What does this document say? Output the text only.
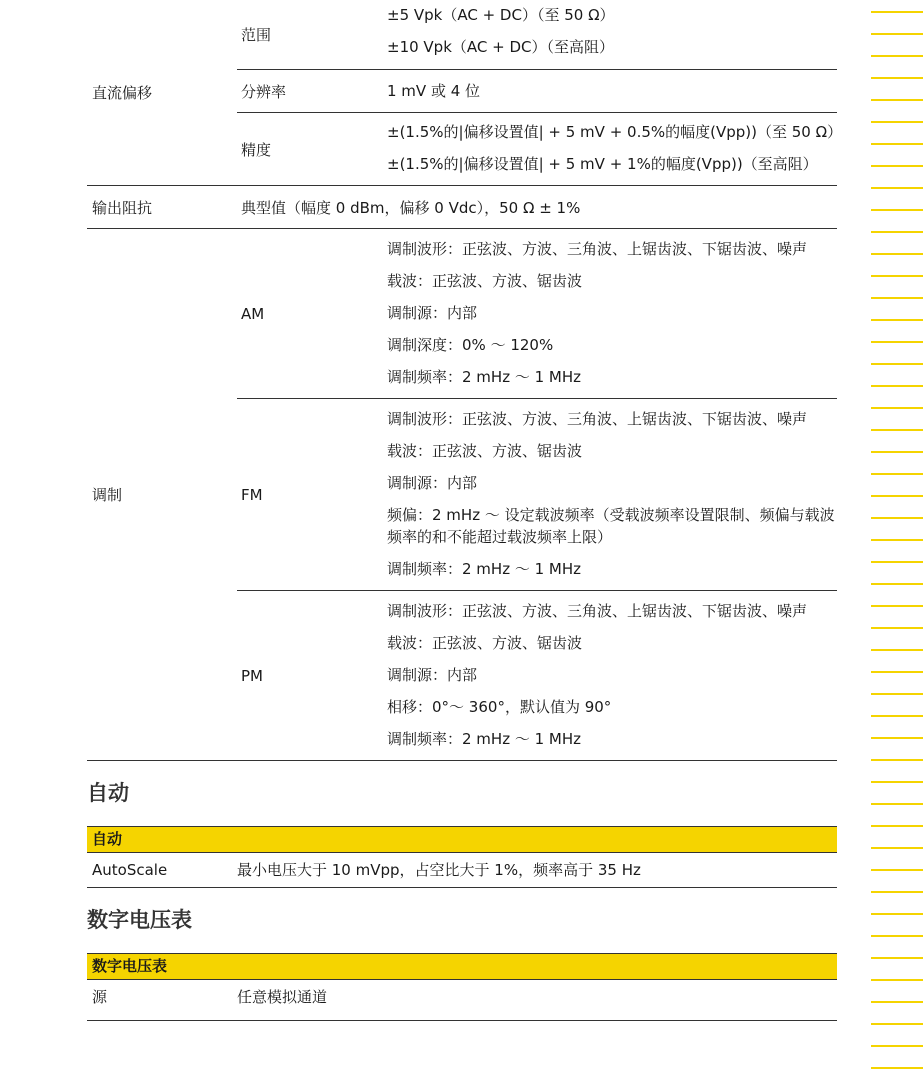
直流偏移	范围	±5 Vpk（AC + DC）（至 50 Ω）
±10 Vpk（AC + DC）（至高阻）

	分辨率	1 mV 或 4 位

	精度	±(1.5%的|偏移设置值| + 5 mV + 0.5%的幅度(Vpp))（至 50 Ω）
±(1.5%的|偏移设置值| + 5 mV + 1%的幅度(Vpp))（至高阻）

输出阻抗	典型值（幅度 0 dBm，偏移 0 Vdc），50 Ω ± 1%	
调制	AM	调制波形：正弦波、方波、三角波、上锯齿波、下锯齿波、噪声
载波：正弦波、方波、锯齿波
调制源：内部
调制深度：0% ～ 120%
调制频率：2 mHz ～ 1 MHz

	FM	调制波形：正弦波、方波、三角波、上锯齿波、下锯齿波、噪声
载波：正弦波、方波、锯齿波
调制源：内部
频偏：2 mHz ～ 设定载波频率（受载波频率设置限制、频偏与载波频率的和不能超过载波频率上限）
调制频率：2 mHz ～ 1 MHz

	PM	调制波形：正弦波、方波、三角波、上锯齿波、下锯齿波、噪声
载波：正弦波、方波、锯齿波
调制源：内部
相移：0°～ 360°，默认值为 90°
调制频率：2 mHz ～ 1 MHz
自动
自动
AutoScale	最小电压大于 10 mVpp，占空比大于 1%，频率高于 35 Hz
数字电压表
数字电压表
源	任意模拟通道
